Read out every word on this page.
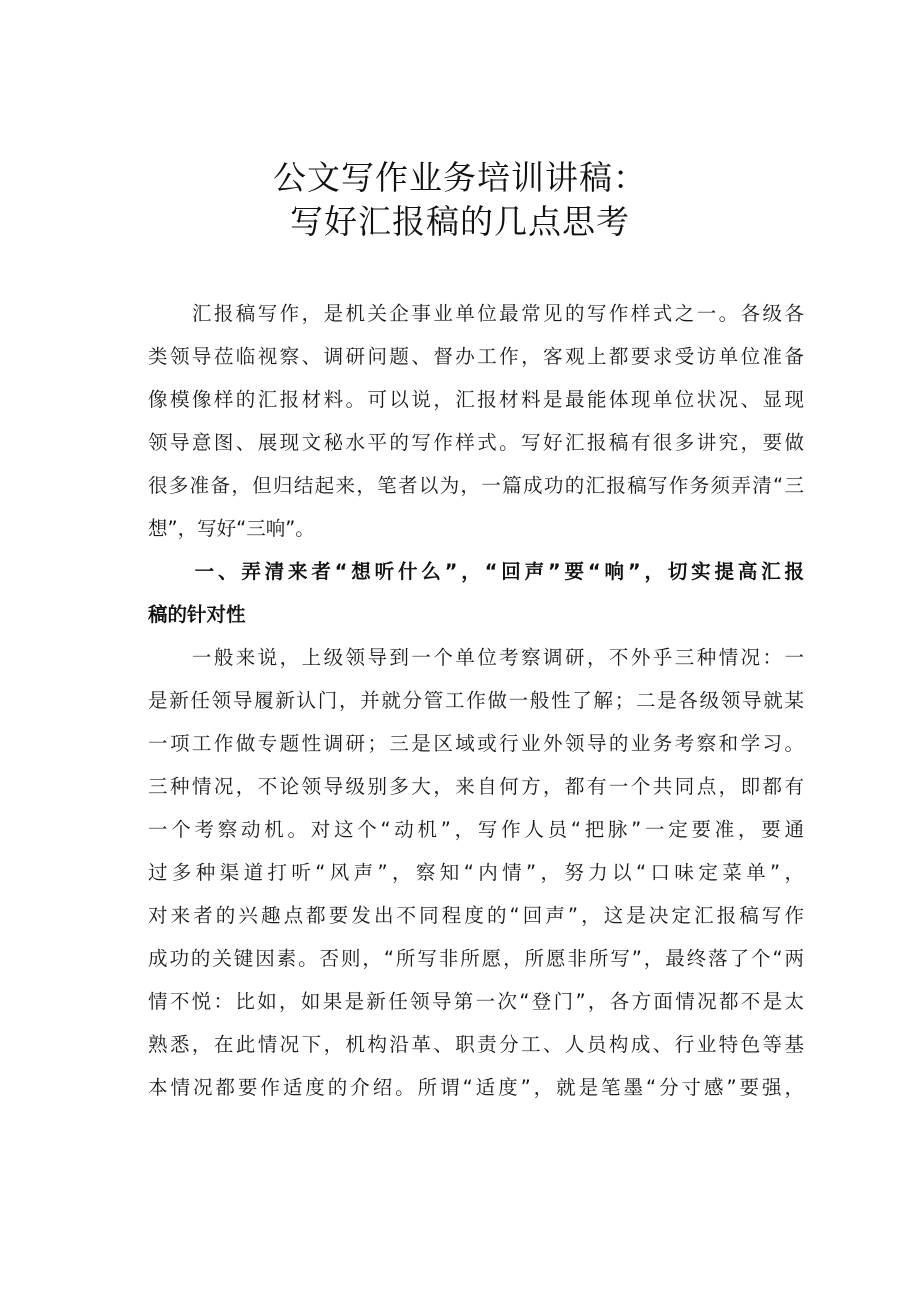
公文写作业务培训讲稿：
写好汇报稿的几点思考
　　汇报稿写作，是机关企事业单位最常见的写作样式之一。各级各
类领导莅临视察、调研问题、督办工作，客观上都要求受访单位准备
像模像样的汇报材料。可以说，汇报材料是最能体现单位状况、显现
领导意图、展现文秘水平的写作样式。写好汇报稿有很多讲究，要做
很多准备，但归结起来，笔者以为，一篇成功的汇报稿写作务须弄清“三
想”，写好“三响”。
　　一、弄清来者“想听什么”，“回声”要“响”，切实提高汇报
稿的针对性
　　一般来说，上级领导到一个单位考察调研，不外乎三种情况：一
是新任领导履新认门，并就分管工作做一般性了解；二是各级领导就某
一项工作做专题性调研；三是区域或行业外领导的业务考察和学习。
三种情况，不论领导级别多大，来自何方，都有一个共同点，即都有
一个考察动机。对这个“动机”，写作人员“把脉”一定要准，要通
过多种渠道打听“风声”，察知“内情”，努力以“口味定菜单”，
对来者的兴趣点都要发出不同程度的“回声”，这是决定汇报稿写作
成功的关键因素。否则，“所写非所愿，所愿非所写”，最终落了个“两
情不悦：比如，如果是新任领导第一次“登门”，各方面情况都不是太
熟悉，在此情况下，机构沿革、职责分工、人员构成、行业特色等基
本情况都要作适度的介绍。所谓“适度”，就是笔墨“分寸感”要强，
